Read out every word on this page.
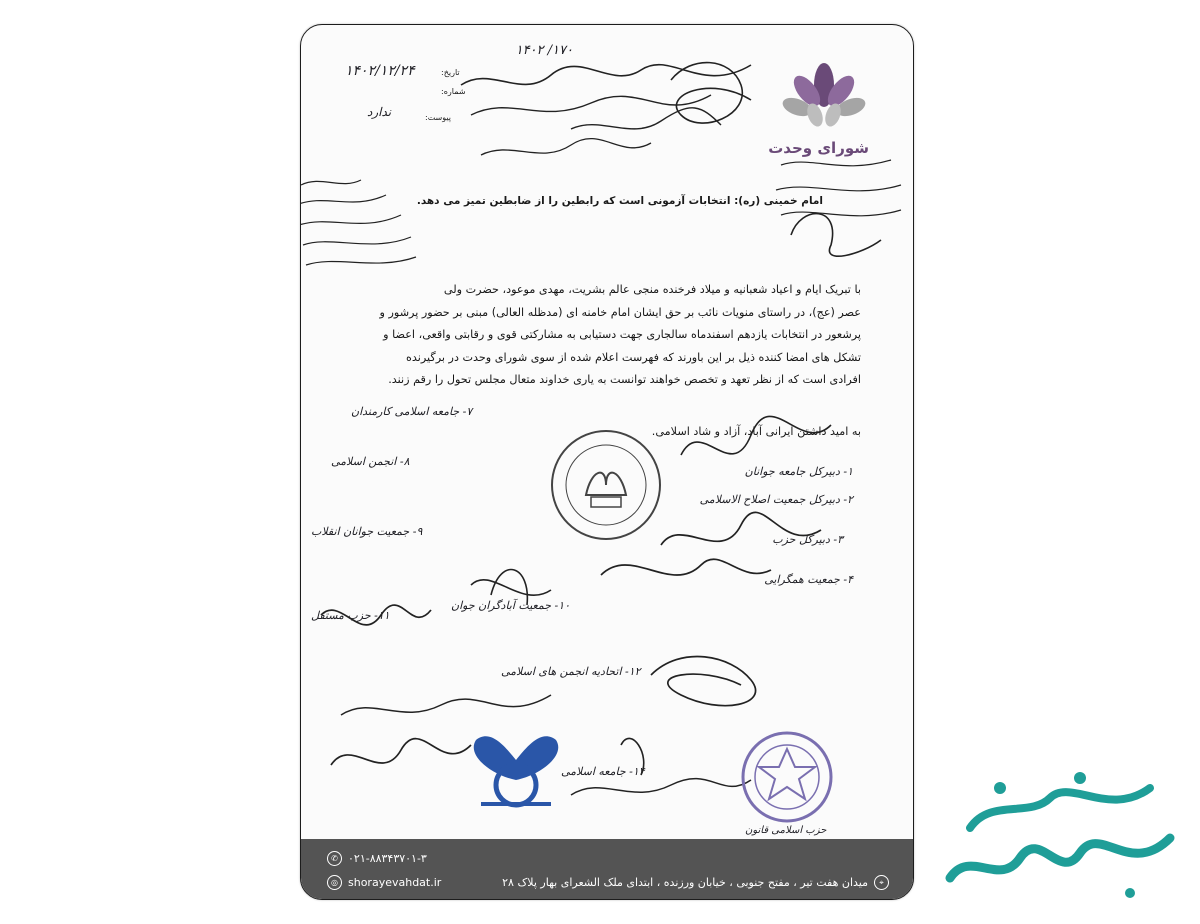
شورای وحدت
۱۷۰/ ۱۴۰۲
۱۴۰۲/۱۲/۲۴	تاریخ:
شماره:
پیوست:
ندارد
امام خمینی (ره): انتخابات آزمونی است که رابطین را از ضابطین تمیز می دهد.
با تبریک ایام و اعیاد شعبانیه و میلاد فرخنده منجی عالم بشریت، مهدی موعود، حضرت ولی
عصر (عج)، در راستای منویات نائب بر حق ایشان امام خامنه ای (مدظله العالی) مبنی بر حضور پرشور و
پرشعور در انتخابات یازدهم اسفندماه سالجاری جهت دستیابی به مشارکتی قوی و رقابتی واقعی، اعضا و
تشکل های امضا کننده ذیل بر این باورند که فهرست اعلام شده از سوی شورای وحدت در برگیرنده
افرادی است که از نظر تعهد و تخصص خواهند توانست به یاری خداوند متعال مجلس تحول را رقم زنند.
به امید داشتن ایرانی آباد، آزاد و شاد اسلامی.
۱- دبیرکل جامعه جوانان
۲- دبیرکل جمعیت اصلاح الاسلامی
۳- دبیرکل حزب
۴- جمعیت همگرایی
۷- جامعه اسلامی کارمندان
۸- انجمن اسلامی
۹- جمعیت جوانان انقلاب
۱۰- جمعیت آبادگران جوان
۱۱- حزب مستقل
۱۲- اتحادیه انجمن های اسلامی
۱۴- جامعه اسلامی
حزب اسلامی قانون
✆ ۰۲۱-۸۸۳۴۳۷۰۱-۳
◎ shorayevahdat.ir	⌖
میدان هفت تیر ، مفتح جنوبی ، خیابان ورزنده ، ابتدای ملک الشعرای بهار پلاک ۲۸
